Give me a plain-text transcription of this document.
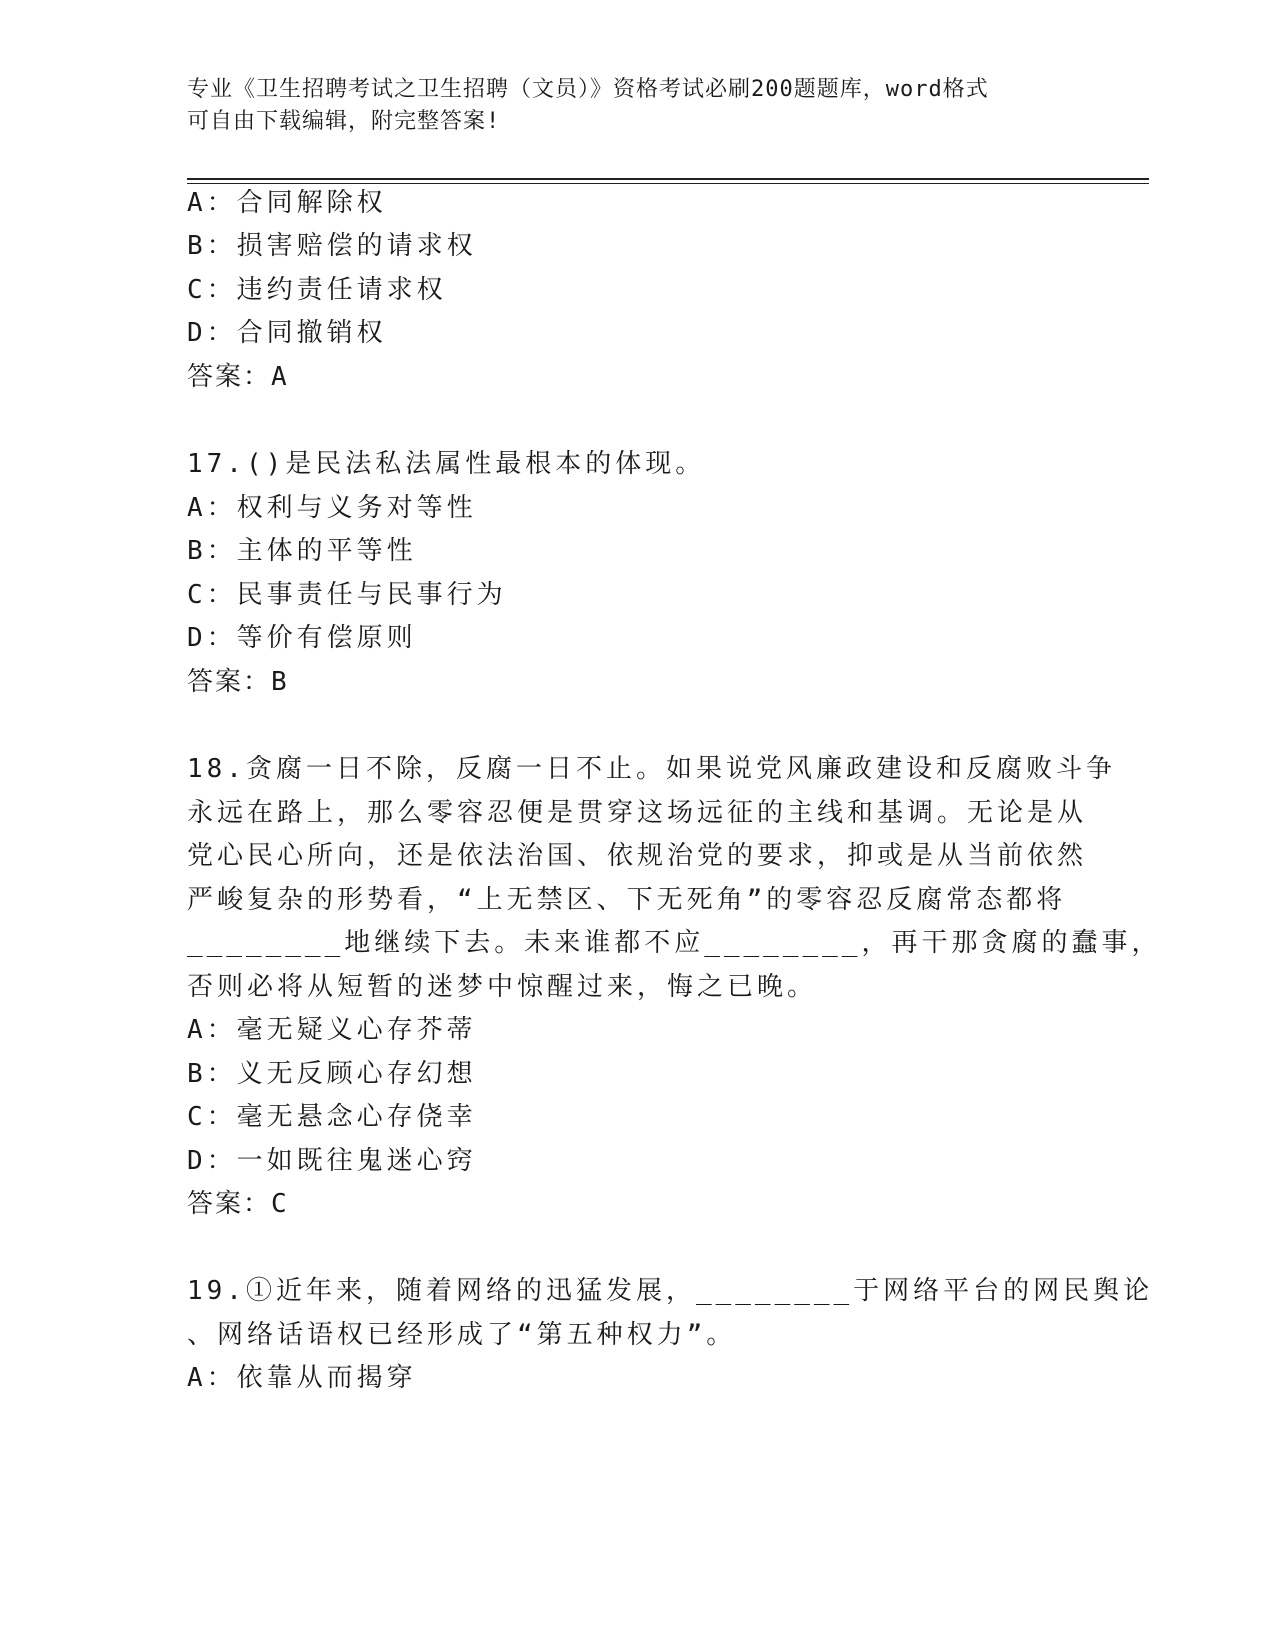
专业《卫生招聘考试之卫生招聘（文员）》资格考试必刷200题题库，word格式

可自由下载编辑，附完整答案!

A：合同解除权
B：损害赔偿的请求权
C：违约责任请求权
D：合同撤销权
答案：A
17.()是民法私法属性最根本的体现。
A：权利与义务对等性
B：主体的平等性
C：民事责任与民事行为
D：等价有偿原则
答案：B
18.贪腐一日不除，反腐一日不止。如果说党风廉政建设和反腐败斗争
永远在路上，那么零容忍便是贯穿这场远征的主线和基调。无论是从
党心民心所向，还是依法治国、依规治党的要求，抑或是从当前依然
严峻复杂的形势看，“上无禁区、下无死角”的零容忍反腐常态都将
________地继续下去。未来谁都不应________，再干那贪腐的蠢事，
否则必将从短暂的迷梦中惊醒过来，悔之已晚。
A：毫无疑义心存芥蒂
B：义无反顾心存幻想
C：毫无悬念心存侥幸
D：一如既往鬼迷心窍
答案：C
19.①近年来，随着网络的迅猛发展，________于网络平台的网民舆论
、网络话语权已经形成了“第五种权力”。
A：依靠从而揭穿
